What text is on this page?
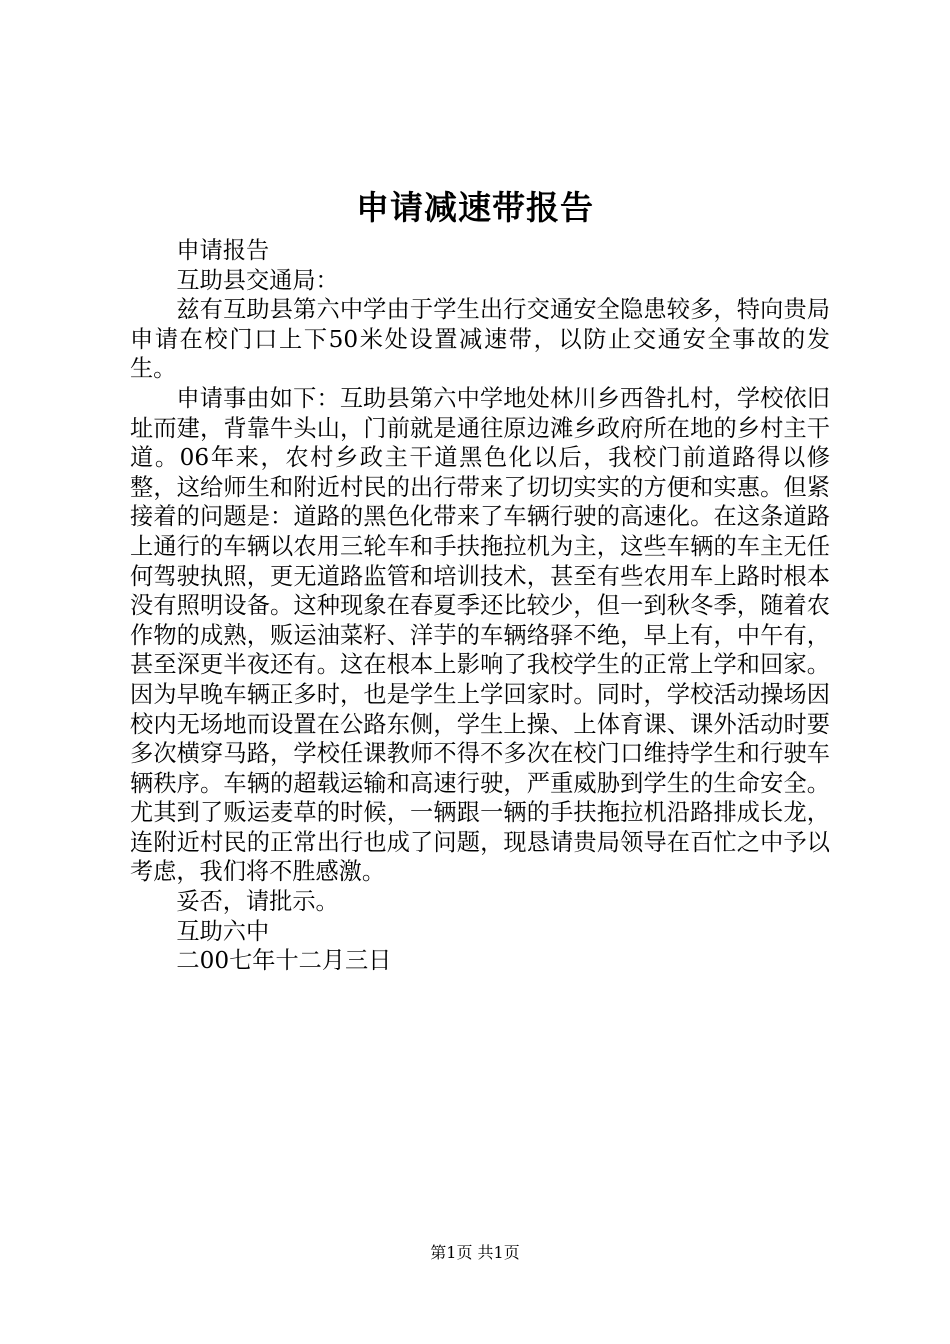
申请减速带报告

申请报告

互助县交通局：

兹有互助县第六中学由于学生出行交通安全隐患较多，特向贵局申请在校门口上下50米处设置减速带，以防止交通安全事故的发生。

申请事由如下：互助县第六中学地处林川乡西昝扎村，学校依旧址而建，背靠牛头山，门前就是通往原边滩乡政府所在地的乡村主干道。06年来，农村乡政主干道黑色化以后，我校门前道路得以修整，这给师生和附近村民的出行带来了切切实实的方便和实惠。但紧接着的问题是：道路的黑色化带来了车辆行驶的高速化。在这条道路上通行的车辆以农用三轮车和手扶拖拉机为主，这些车辆的车主无任何驾驶执照，更无道路监管和培训技术，甚至有些农用车上路时根本没有照明设备。这种现象在春夏季还比较少，但一到秋冬季，随着农作物的成熟，贩运油菜籽、洋芋的车辆络驿不绝，早上有，中午有，甚至深更半夜还有。这在根本上影响了我校学生的正常上学和回家。因为早晚车辆正多时，也是学生上学回家时。同时，学校活动操场因校内无场地而设置在公路东侧，学生上操、上体育课、课外活动时要多次横穿马路，学校任课教师不得不多次在校门口维持学生和行驶车辆秩序。车辆的超载运输和高速行驶，严重威胁到学生的生命安全。尤其到了贩运麦草的时候，一辆跟一辆的手扶拖拉机沿路排成长龙，连附近村民的正常出行也成了问题，现恳请贵局领导在百忙之中予以考虑，我们将不胜感激。

妥否，请批示。

互助六中

二00七年十二月三日

第1页 共1页
